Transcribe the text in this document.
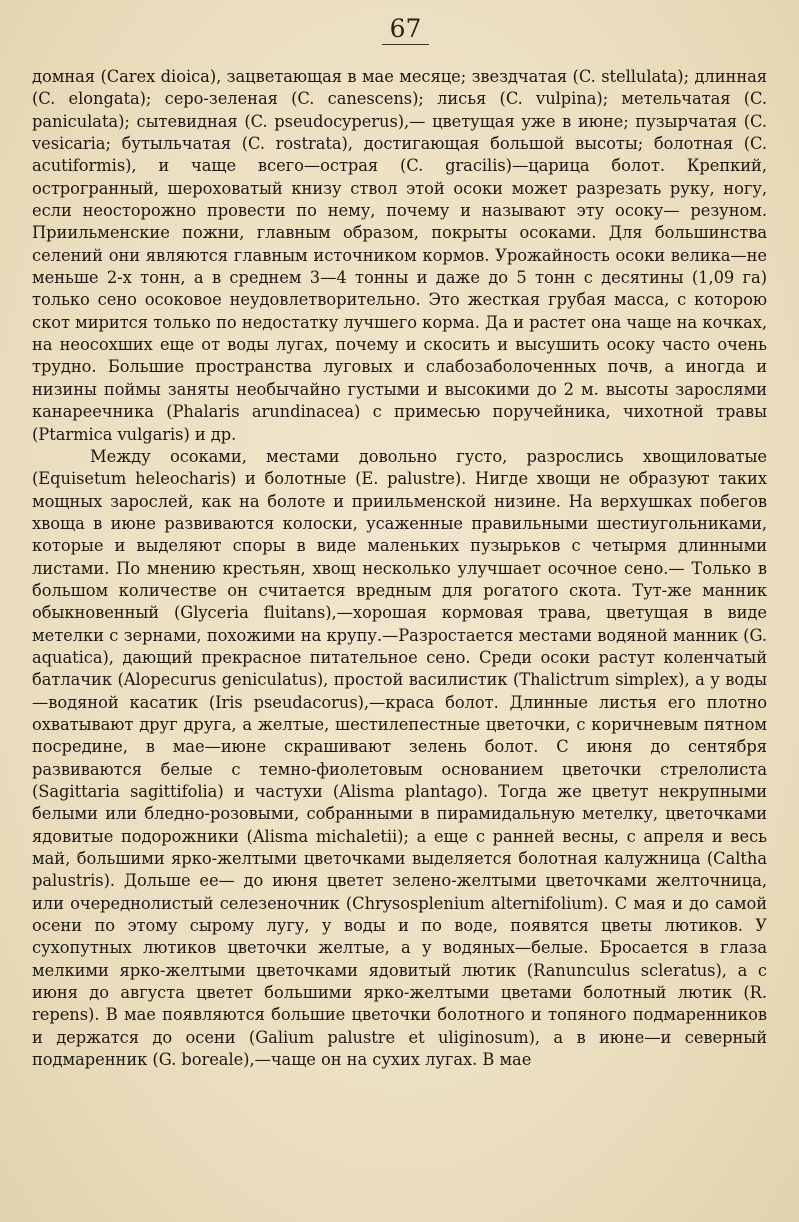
67

домная (Carex dioica), зацветающая в мае месяце; звездчатая (C. stellulata); длинная (C. elongata); серо-зеленая (C. canescens); лисья (C. vulpina); метельчатая (C. paniculata); сытевидная (C. pseudocyperus),— цветущая уже в июне; пузырчатая (C. vesicaria; бутыльчатая (C. rostrata), достигающая большой высоты; болотная (C. acutiformis), и чаще всего—острая (C. gracilis)—царица болот. Крепкий, острогранный, шероховатый книзу ствол этой осоки может разрезать руку, ногу, если неосторожно провести по нему, почему и называют эту осоку— резуном. Приильменские пожни, главным образом, покрыты осоками. Для большинства селений они являются главным источником кормов. Урожайность осоки велика—не меньше 2-х тонн, а в среднем 3—4 тонны и даже до 5 тонн с десятины (1,09 га) только сено осоковое неудовлетворительно. Это жесткая грубая масса, с которою скот мирится только по недостатку лучшего корма. Да и растет она чаще на кочках, на неосохших еще от воды лугах, почему и скосить и высушить осоку часто очень трудно. Большие пространства луговых и слабозаболоченных почв, а иногда и низины поймы заняты необычайно густыми и высокими до 2 м. высоты зарослями канареечника (Phalaris arundinacea) с примесью поручейника, чихотной травы (Ptarmica vulgaris) и др.

Между осоками, местами довольно густо, разрослись хвощиловатые (Equisetum heleocharis) и болотные (E. palustre). Нигде хвощи не образуют таких мощных зарослей, как на болоте и приильменской низине. На верхушках побегов хвоща в июне развиваются колоски, усаженные правильными шестиугольниками, которые и выделяют споры в виде маленьких пузырьков с четырмя длинными листами. По мнению крестьян, хвощ несколько улучшает осочное сено.— Только в большом количестве он считается вредным для рогатого скота. Тут-же манник обыкновенный (Glyceria fluitans),—хорошая кормовая трава, цветущая в виде метелки с зернами, похожими на крупу.—Разростается местами водяной манник (G. aquatica), дающий прекрасное питательное сено. Среди осоки растут коленчатый батлачик (Alopecurus geniculatus), простой василистик (Thalictrum simplex), а у воды—водяной касатик (Iris pseudacorus),—краса болот. Длинные листья его плотно охватывают друг друга, а желтые, шестилепестные цветочки, с коричневым пятном посредине, в мае—июне скрашивают зелень болот. С июня до сентября развиваются белые с темно-фиолетовым основанием цветочки стрелолиста (Sagittaria sagittifolia) и частухи (Alisma plantago). Тогда же цветут некрупными белыми или бледно-розовыми, собранными в пирамидальную метелку, цветочками ядовитые подорожники (Alisma michaletii); а еще с ранней весны, с апреля и весь май, большими ярко-желтыми цветочками выделяется болотная калужница (Caltha palustris). Дольше ее— до июня цветет зелено-желтыми цветочками желточница, или очереднолистый селезеночник (Chrysosplenium alternifolium). С мая и до самой осени по этому сырому лугу, у воды и по воде, появятся цветы лютиков. У сухопутных лютиков цветочки желтые, а у водяных—белые. Бросается в глаза мелкими ярко-желтыми цветочками ядовитый лютик (Ranunculus scleratus), а с июня до августа цветет большими ярко-желтыми цветами болотный лютик (R. repens). В мае появляются большие цветочки болотного и топяного подмаренников и держатся до осени (Galium palustre et uliginosum), а в июне—и северный подмаренник (G. boreale),—чаще он на сухих лугах. В мае
